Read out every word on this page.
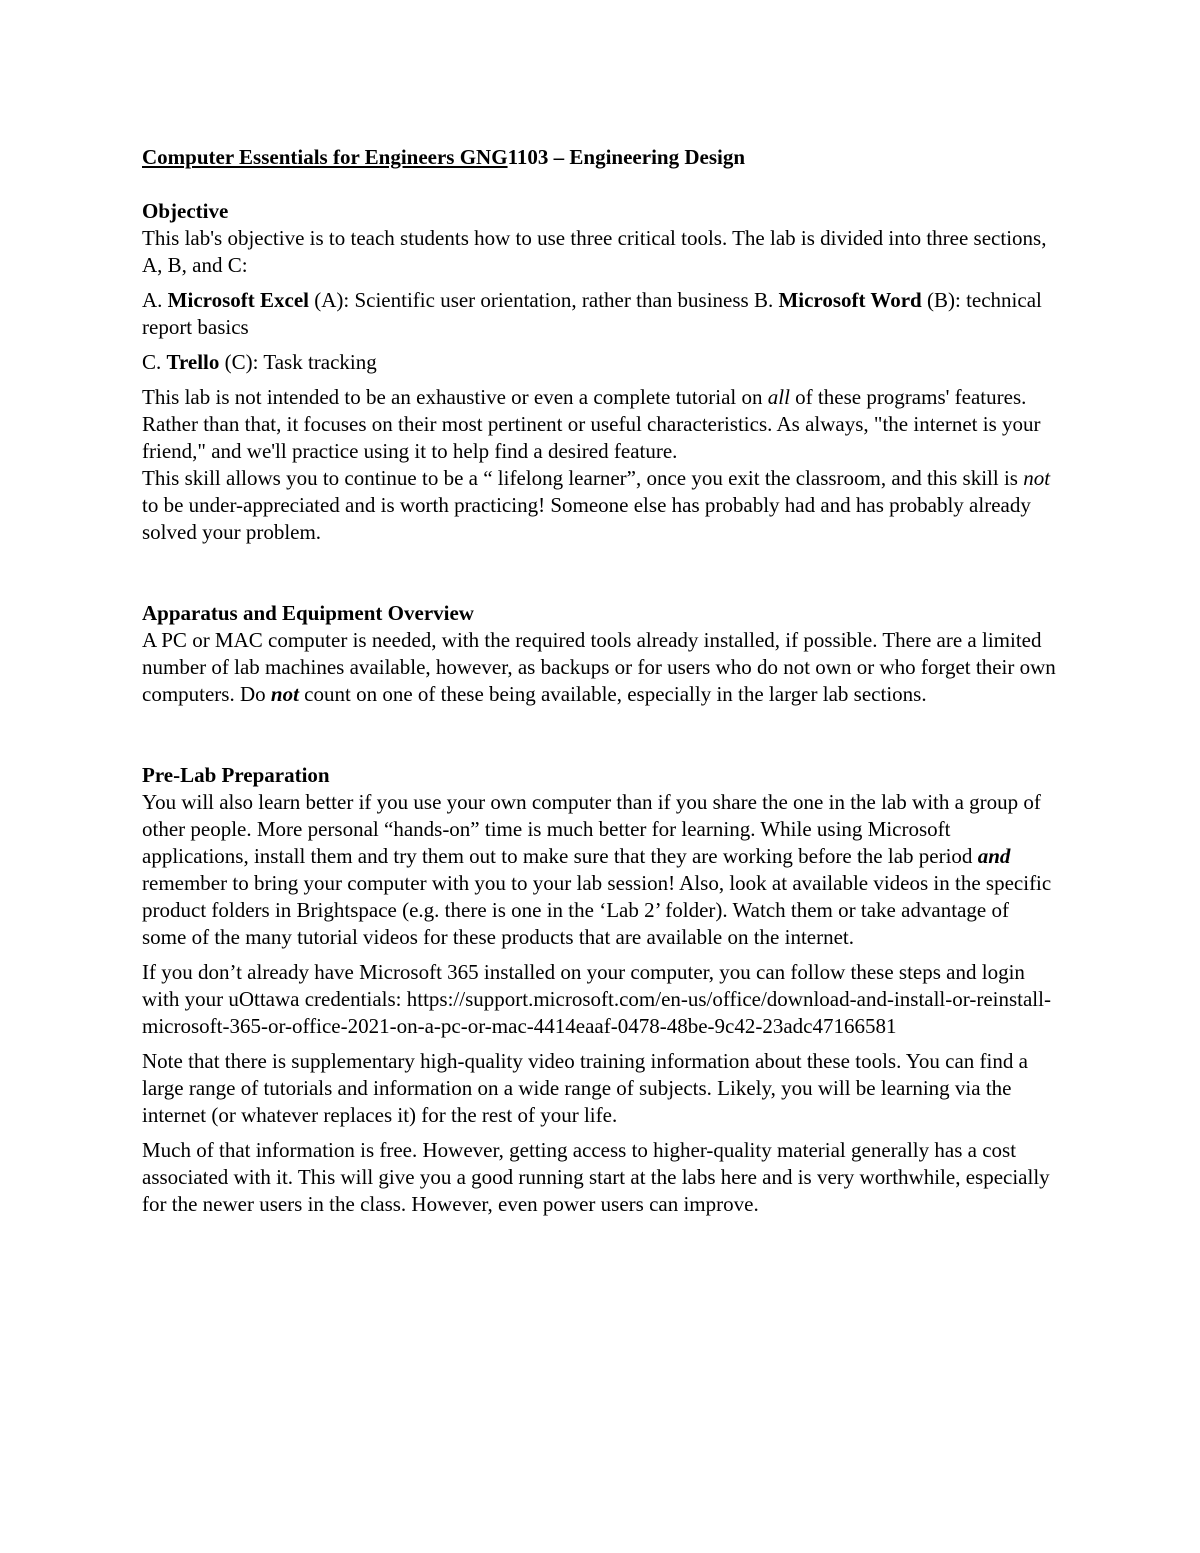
Computer Essentials for Engineers GNG1103 – Engineering Design

Objective

This lab's objective is to teach students how to use three critical tools. The lab is divided into three sections, A, B, and C:

A. Microsoft Excel (A): Scientific user orientation, rather than business B. Microsoft Word (B): technical report basics

C. Trello (C): Task tracking

This lab is not intended to be an exhaustive or even a complete tutorial on all of these programs' features. Rather than that, it focuses on their most pertinent or useful characteristics. As always, "the internet is your friend," and we'll practice using it to help find a desired feature.

This skill allows you to continue to be a “ lifelong learner”, once you exit the classroom, and this skill is not to be under-appreciated and is worth practicing! Someone else has probably had and has probably already solved your problem.

Apparatus and Equipment Overview

A PC or MAC computer is needed, with the required tools already installed, if possible. There are a limited number of lab machines available, however, as backups or for users who do not own or who forget their own computers. Do not count on one of these being available, especially in the larger lab sections.

Pre-Lab Preparation

You will also learn better if you use your own computer than if you share the one in the lab with a group of other people. More personal “hands-on” time is much better for learning. While using Microsoft applications, install them and try them out to make sure that they are working before the lab period and remember to bring your computer with you to your lab session! Also, look at available videos in the specific product folders in Brightspace (e.g. there is one in the ‘Lab 2’ folder). Watch them or take advantage of some of the many tutorial videos for these products that are available on the internet.

If you don’t already have Microsoft 365 installed on your computer, you can follow these steps and login with your uOttawa credentials: https://support.microsoft.com/en-us/office/download-and-install-or-reinstall-microsoft-365-or-office-2021-on-a-pc-or-mac-4414eaaf-0478-48be-9c42-23adc47166581

Note that there is supplementary high-quality video training information about these tools. You can find a large range of tutorials and information on a wide range of subjects. Likely, you will be learning via the internet (or whatever replaces it) for the rest of your life.

Much of that information is free. However, getting access to higher-quality material generally has a cost associated with it. This will give you a good running start at the labs here and is very worthwhile, especially for the newer users in the class. However, even power users can improve.
